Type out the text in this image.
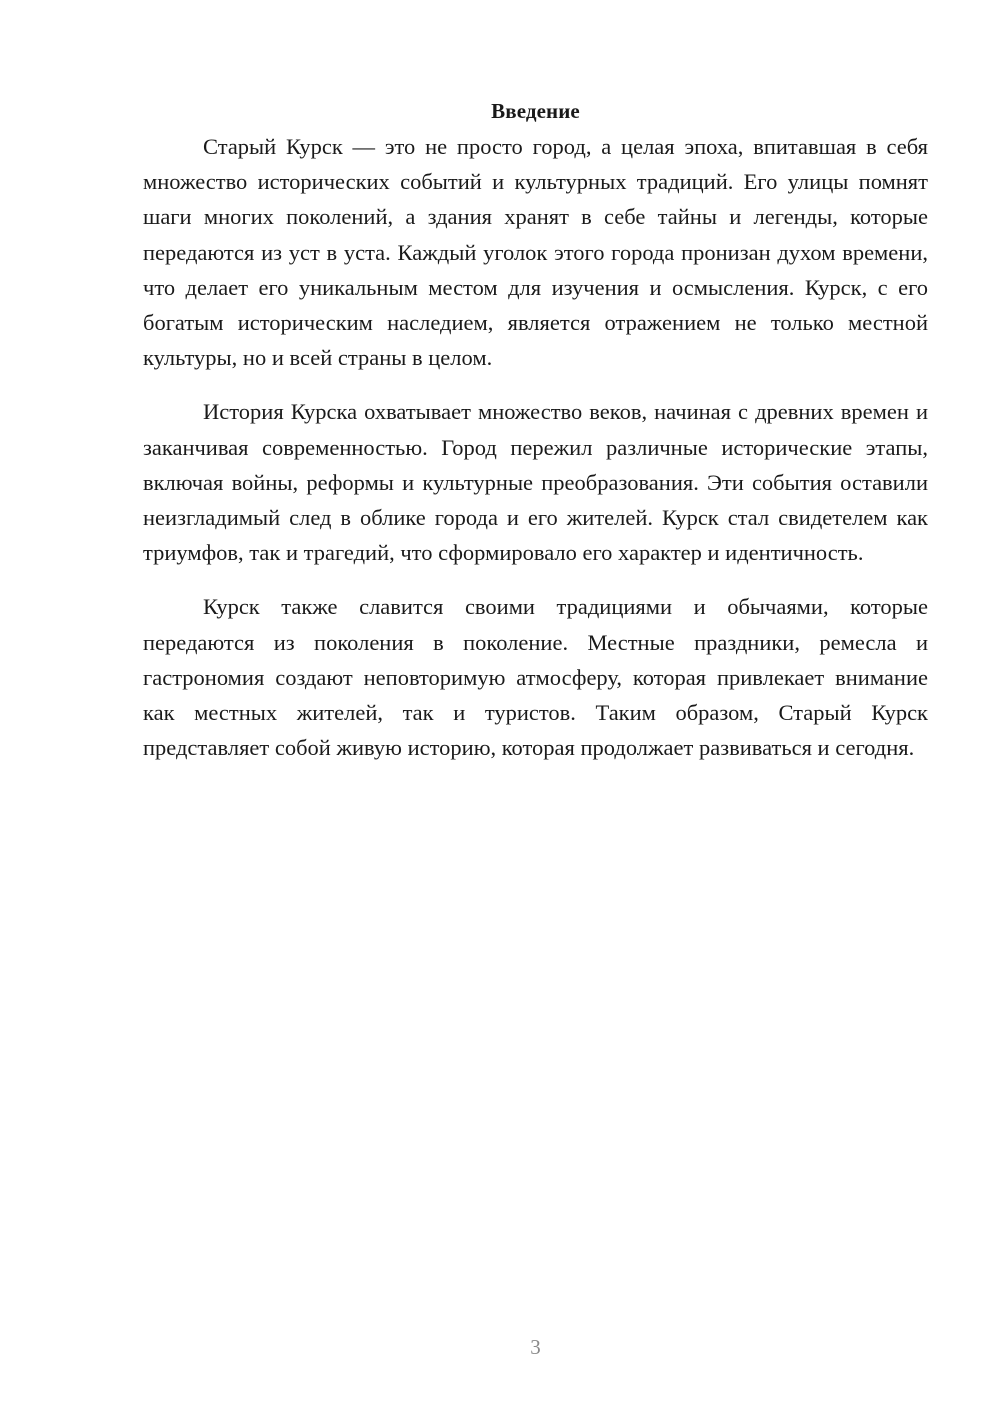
Введение

Старый Курск — это не просто город, а целая эпоха, впитавшая в себя множество исторических событий и культурных традиций. Его улицы помнят шаги многих поколений, а здания хранят в себе тайны и легенды, которые передаются из уст в уста. Каждый уголок этого города пронизан духом времени, что делает его уникальным местом для изучения и осмысления. Курск, с его богатым историческим наследием, является отражением не только местной культуры, но и всей страны в целом.

История Курска охватывает множество веков, начиная с древних времен и заканчивая современностью. Город пережил различные исторические этапы, включая войны, реформы и культурные преобразования. Эти события оставили неизгладимый след в облике города и его жителей. Курск стал свидетелем как триумфов, так и трагедий, что сформировало его характер и идентичность.

Курск также славится своими традициями и обычаями, которые передаются из поколения в поколение. Местные праздники, ремесла и гастрономия создают неповторимую атмосферу, которая привлекает внимание как местных жителей, так и туристов. Таким образом, Старый Курск представляет собой живую историю, которая продолжает развиваться и сегодня.

3
